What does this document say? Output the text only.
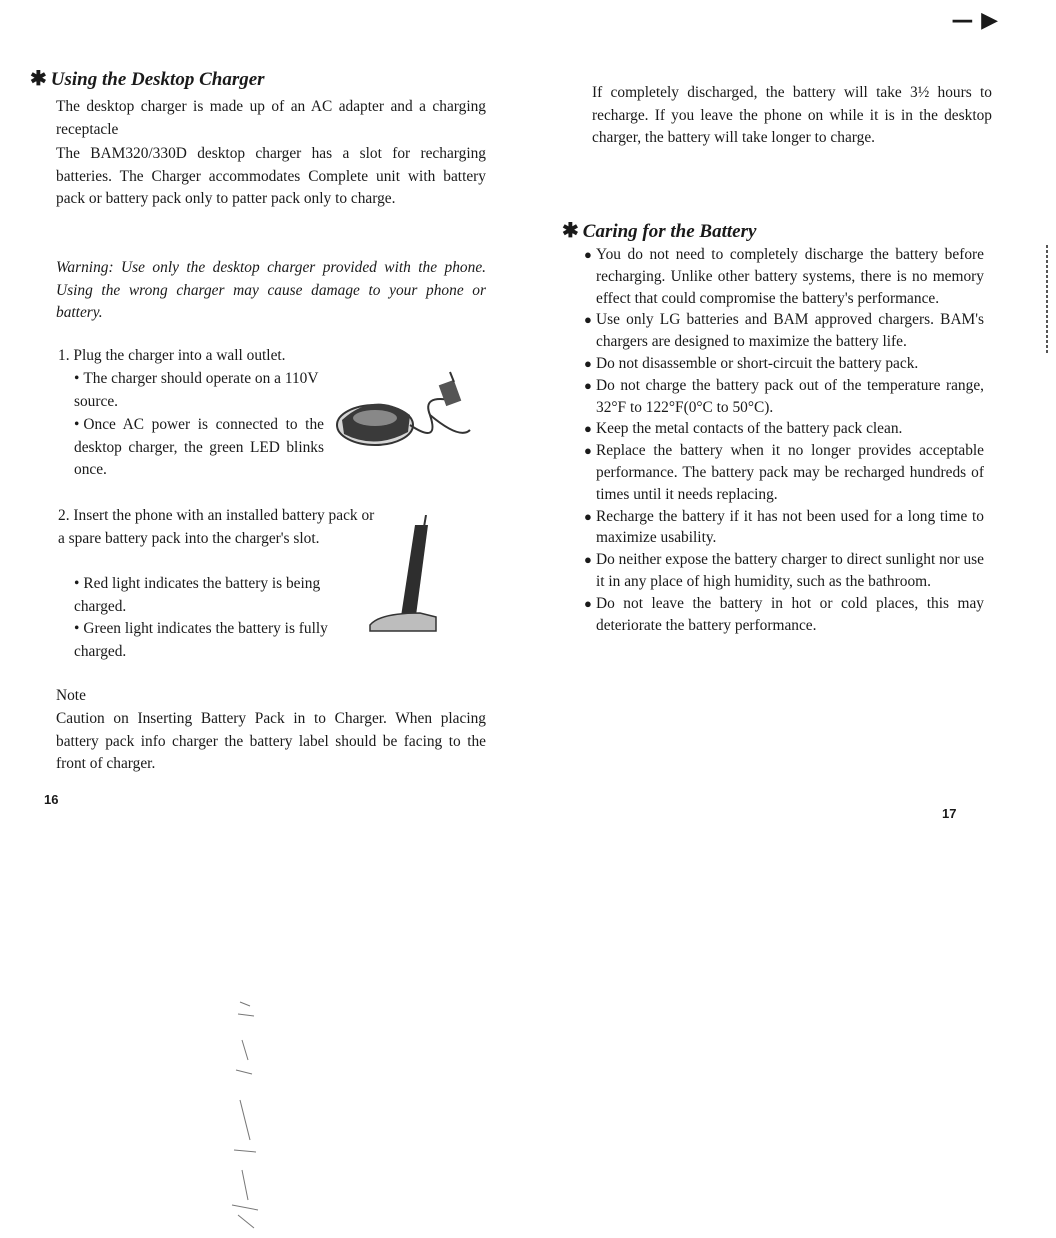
— ▶
✱ Using the Desktop Charger

The desktop charger is made up of an AC adapter and a charging receptacle

The BAM320/330D desktop charger has a slot for recharging batteries. The Charger accommodates Complete unit with battery pack or battery pack only to patter pack only to charge.

Warning: Use only the desktop charger provided with the phone. Using the wrong charger may cause damage to your phone or battery.

1. Plug the charger into a wall outlet.

• The charger should operate on a 110V source.

• Once AC power is connected to the desktop charger, the green LED blinks once.

2. Insert the phone with an installed battery pack or a spare battery pack into the charger's slot.

• Red light indicates the battery is being charged.

• Green light indicates the battery is fully charged.

Note

Caution on Inserting Battery Pack in to Charger. When placing battery pack info charger the battery label should be facing to the front of charger.

16

If completely discharged, the battery will take 3½ hours to recharge. If you leave the phone on while it is in the desktop charger, the battery will take longer to charge.

✱ Caring for the Battery

● You do not need to completely discharge the battery before recharging. Unlike other battery systems, there is no memory effect that could compromise the battery's performance.

● Use only LG batteries and BAM approved chargers. BAM's chargers are designed to maximize the battery life.

● Do not disassemble or short-circuit the battery pack.

● Do not charge the battery pack out of the temperature range, 32°F to 122°F(0°C to 50°C).

● Keep the metal contacts of the battery pack clean.

● Replace the battery when it no longer provides acceptable performance. The battery pack may be recharged hundreds of times until it needs replacing.

● Recharge the battery if it has not been used for a long time to maximize usability.

● Do neither expose the battery charger to direct sunlight nor use it in any place of high humidity, such as the bathroom.

● Do not leave the battery in hot or cold places, this may deteriorate the battery performance.

17
